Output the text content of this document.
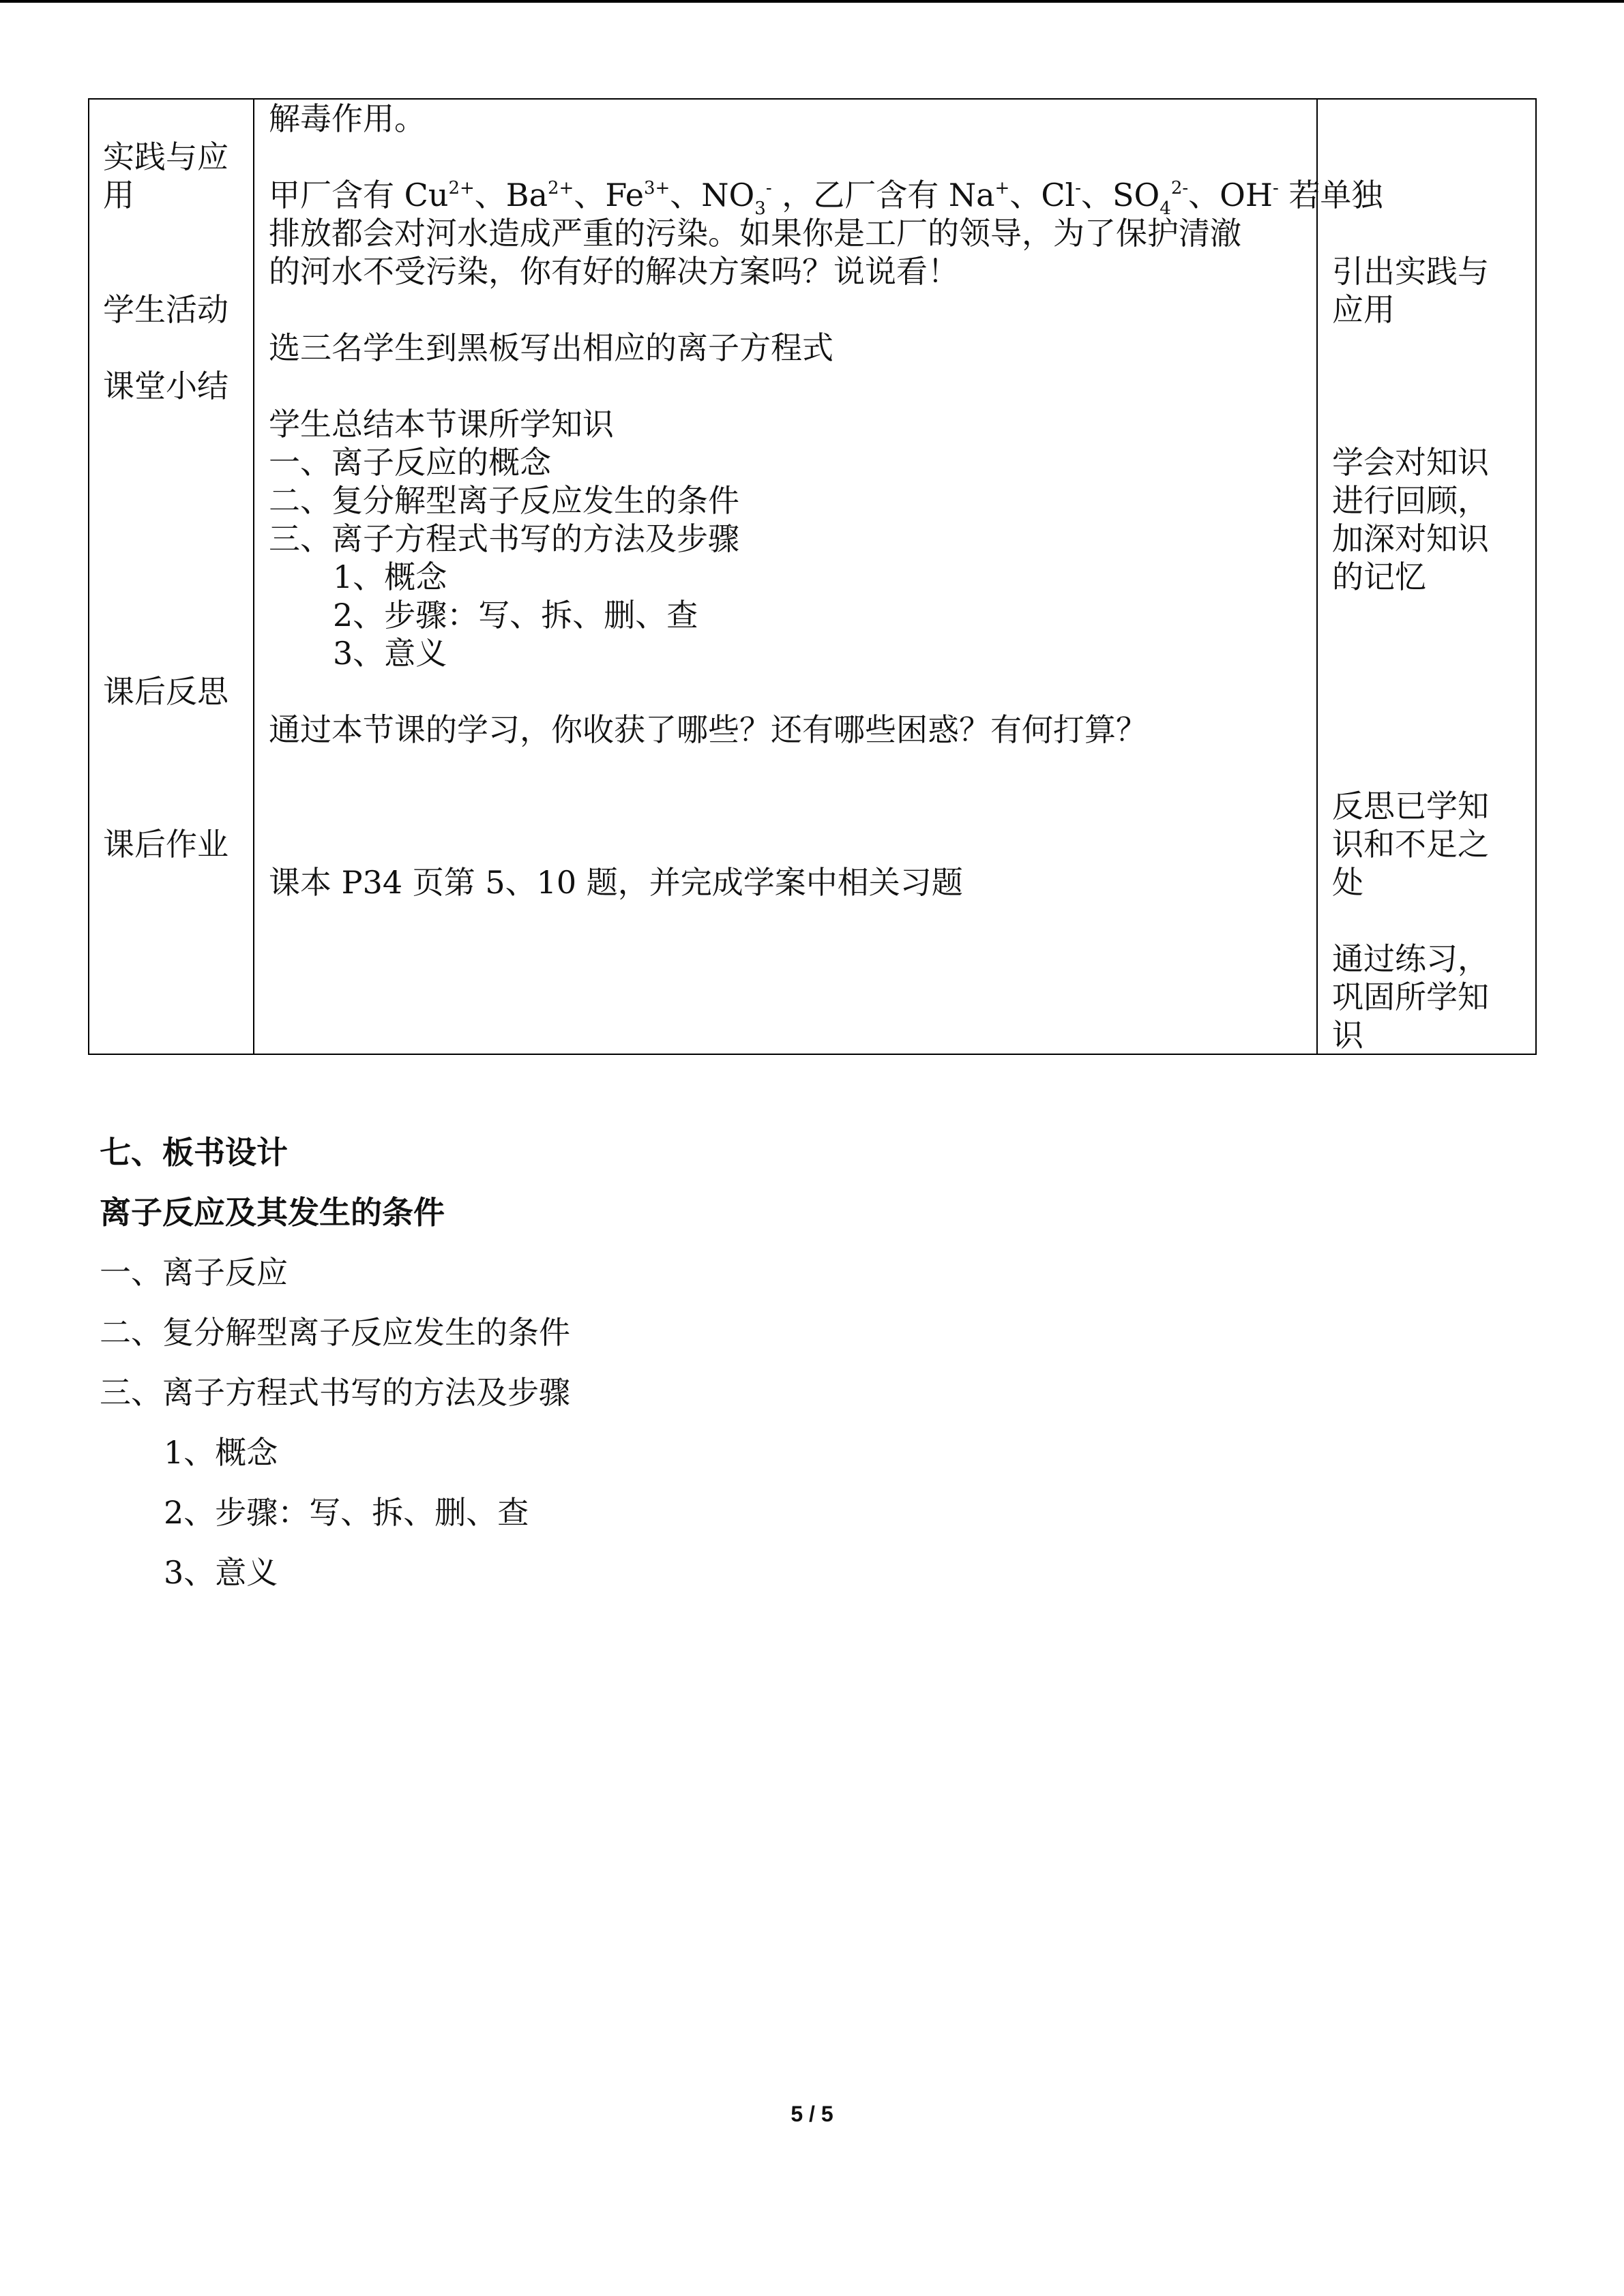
实践与应用
学生活动
课堂小结
课后反思
课后作业
解毒作用。
甲厂含有 $Cu^{2+}$、$Ba^{2+}$、$Fe^{3+}$、$NO_3^-$ ，乙厂含有 Na+、Cl-、$SO_4^{2-}$、OH- 若单独
排放都会对河水造成严重的污染。如果你是工厂的领导，为了保护清澈
的河水不受污染，你有好的解决方案吗？说说看！
选三名学生到黑板写出相应的离子方程式
学生总结本节课所学知识
一、离子反应的概念
二、复分解型离子反应发生的条件
三、离子方程式书写的方法及步骤
1、概念
2、步骤：写、拆、删、查
3、意义
通过本节课的学习，你收获了哪些？还有哪些困惑？有何打算？
课本 P34 页第 5、10 题，并完成学案中相关习题
引出实践与应用
学会对知识进行回顾，加深对知识的记忆
反思已学知识和不足之处
通过练习，巩固所学知识
七、板书设计
离子反应及其发生的条件
一、离子反应
二、复分解型离子反应发生的条件
三、离子方程式书写的方法及步骤
1、概念
2、步骤：写、拆、删、查
3、意义
5 / 5
